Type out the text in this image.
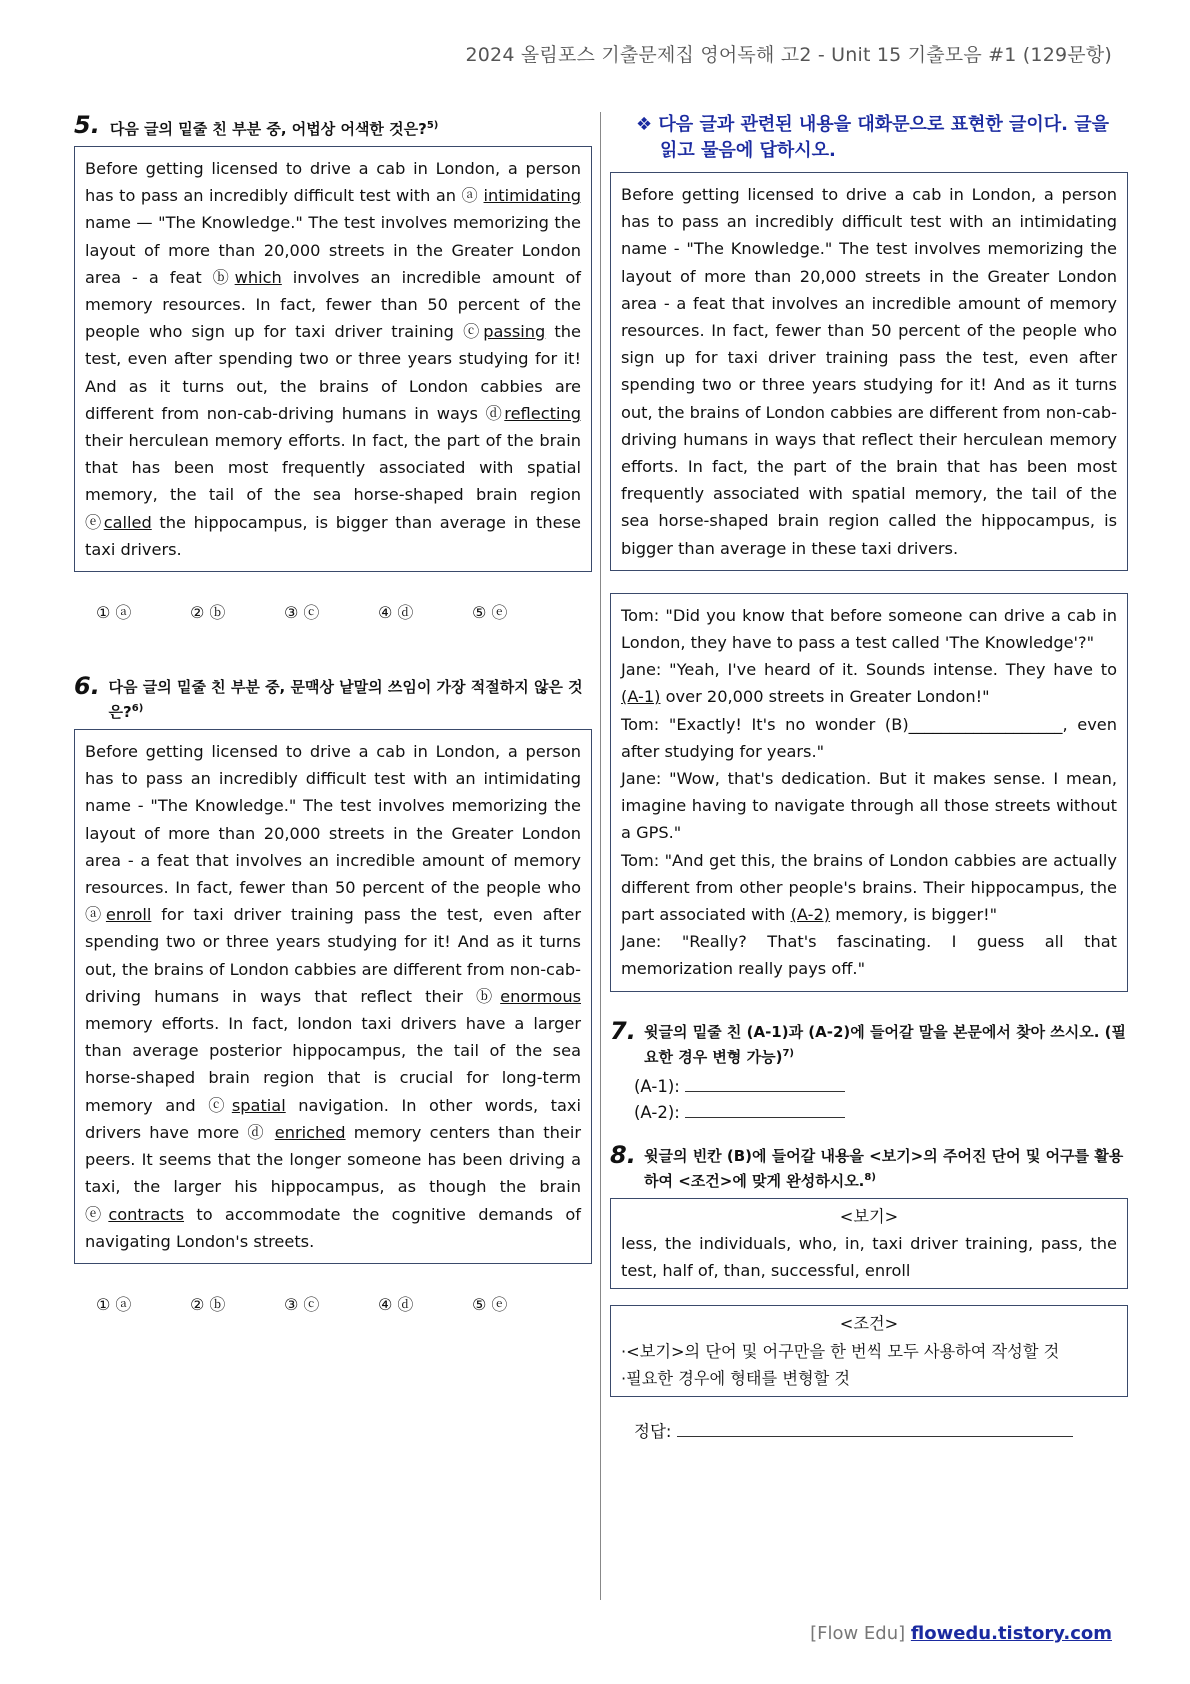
2024 올림포스 기출문제집 영어독해 고2 - Unit 15 기출모음 #1 (129문항)
5. 다음 글의 밑줄 친 부분 중, 어법상 어색한 것은?$^{5)}$
Before getting licensed to drive a cab in London, a person has to pass an incredibly difficult test with an ⓐ intimidating name — "The Knowledge." The test involves memorizing the layout of more than 20,000 streets in the Greater London area - a feat ⓑwhich involves an incredible amount of memory resources. In fact, fewer than 50 percent of the people who sign up for taxi driver training ⓒpassing the test, even after spending two or three years studying for it! And as it turns out, the brains of London cabbies are different from non-cab-driving humans in ways ⓓreflecting their herculean memory efforts. In fact, the part of the brain that has been most frequently associated with spatial memory, the tail of the sea horse-shaped brain region ⓔcalled the hippocampus, is bigger than average in these taxi drivers.
① ⓐ	② ⓑ	③ ⓒ	④ ⓓ	⑤ ⓔ
6. 다음 글의 밑줄 친 부분 중, 문맥상 낱말의 쓰임이 가장 적절하지 않은 것은?$^{6)}$
Before getting licensed to drive a cab in London, a person has to pass an incredibly difficult test with an intimidating name - "The Knowledge." The test involves memorizing the layout of more than 20,000 streets in the Greater London area - a feat that involves an incredible amount of memory resources. In fact, fewer than 50 percent of the people who ⓐenroll for taxi driver training pass the test, even after spending two or three years studying for it! And as it turns out, the brains of London cabbies are different from non-cab-driving humans in ways that reflect their ⓑenormous memory efforts. In fact, london taxi drivers have a larger than average posterior hippocampus, the tail of the sea horse-shaped brain region that is crucial for long-term memory and ⓒspatial navigation. In other words, taxi drivers have more ⓓ enriched memory centers than their peers. It seems that the longer someone has been driving a taxi, the larger his hippocampus, as though the brain ⓔcontracts to accommodate the cognitive demands of navigating London's streets.
① ⓐ	② ⓑ	③ ⓒ	④ ⓓ	⑤ ⓔ
❖ 다음 글과 관련된 내용을 대화문으로 표현한 글이다. 글을 읽고 물음에 답하시오.
Before getting licensed to drive a cab in London, a person has to pass an incredibly difficult test with an intimidating name - "The Knowledge." The test involves memorizing the layout of more than 20,000 streets in the Greater London area - a feat that involves an incredible amount of memory resources. In fact, fewer than 50 percent of the people who sign up for taxi driver training pass the test, even after spending two or three years studying for it! And as it turns out, the brains of London cabbies are different from non-cab-driving humans in ways that reflect their herculean memory efforts. In fact, the part of the brain that has been most frequently associated with spatial memory, the tail of the sea horse-shaped brain region called the hippocampus, is bigger than average in these taxi drivers.
Tom: "Did you know that before someone can drive a cab in London, they have to pass a test called 'The Knowledge'?"
Jane: "Yeah, I've heard of it. Sounds intense. They have to (A-1) over 20,000 streets in Greater London!"
Tom: "Exactly! It's no wonder (B)___________________, even after studying for years."
Jane: "Wow, that's dedication. But it makes sense. I mean, imagine having to navigate through all those streets without a GPS."
Tom: "And get this, the brains of London cabbies are actually different from other people's brains. Their hippocampus, the part associated with (A-2) memory, is bigger!"
Jane: "Really? That's fascinating. I guess all that memorization really pays off."
7. 윗글의 밑줄 친 (A-1)과 (A-2)에 들어갈 말을 본문에서 찾아 쓰시오. (필요한 경우 변형 가능)$^{7)}$
(A-1):
(A-2):
8. 윗글의 빈칸 (B)에 들어갈 내용을 <보기>의 주어진 단어 및 어구를 활용하여 <조건>에 맞게 완성하시오.$^{8)}$
<보기>
less, the individuals, who, in, taxi driver training, pass, the test, half of, than, successful, enroll
<조건>
·<보기>의 단어 및 어구만을 한 번씩 모두 사용하여 작성할 것
·필요한 경우에 형태를 변형할 것
정답:
[Flow Edu] flowedu.tistory.com
